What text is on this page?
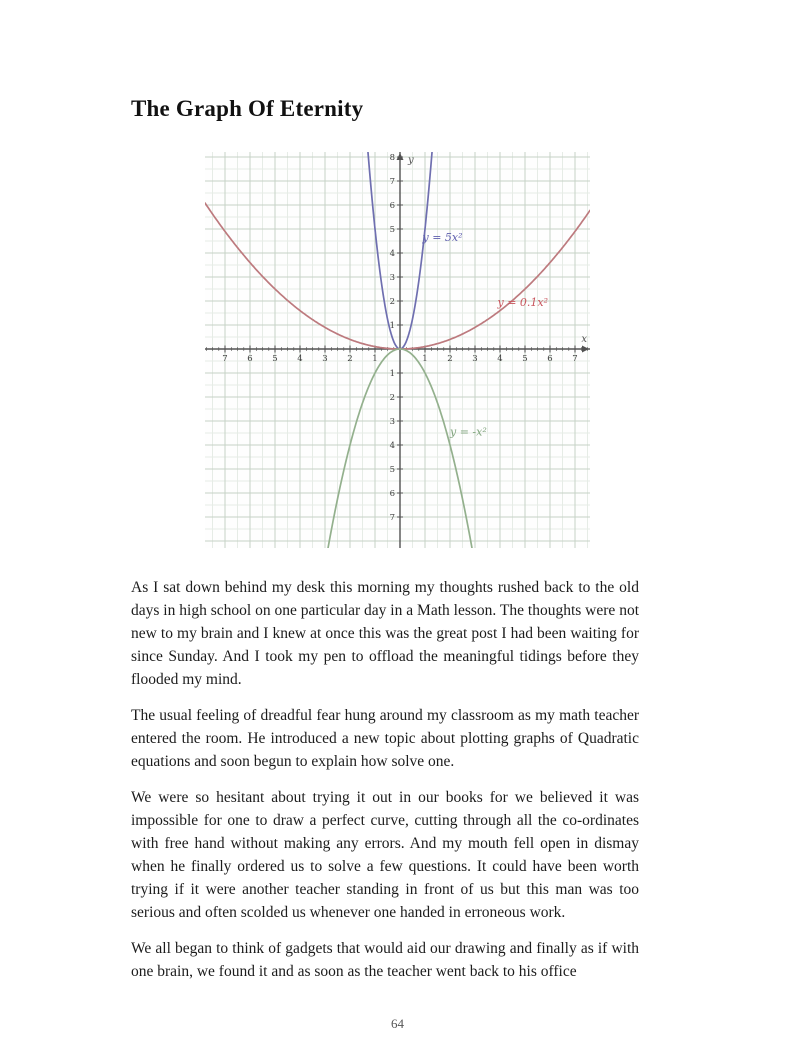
The Graph Of Eternity
y
x
7 6 5 4 3 2 1	1 2 3 4 5 6 7
7
6
5
4
3
2
1
1
2
3
4
5
6
7
8
y = 5x²
y = 0.1x²
y = -x²

As I sat down behind my desk this morning my thoughts rushed back to the old days in high school on one particular day in a Math lesson. The thoughts were not new to my brain and I knew at once this was the great post I had been waiting for since Sunday. And I took my pen to offload the meaningful tidings before they flooded my mind.

The usual feeling of dreadful fear hung around my classroom as my math teacher entered the room. He introduced a new topic about plotting graphs of Quadratic equations and soon begun to explain how solve one.

We were so hesitant about trying it out in our books for we believed it was impossible for one to draw a perfect curve, cutting through all the co-ordinates with free hand without making any errors. And my mouth fell open in dismay when he finally ordered us to solve a few questions. It could have been worth trying if it were another teacher standing in front of us but this man was too serious and often scolded us whenever one handed in erroneous work.

We all began to think of gadgets that would aid our drawing and finally as if with one brain, we found it and as soon as the teacher went back to his office

64
